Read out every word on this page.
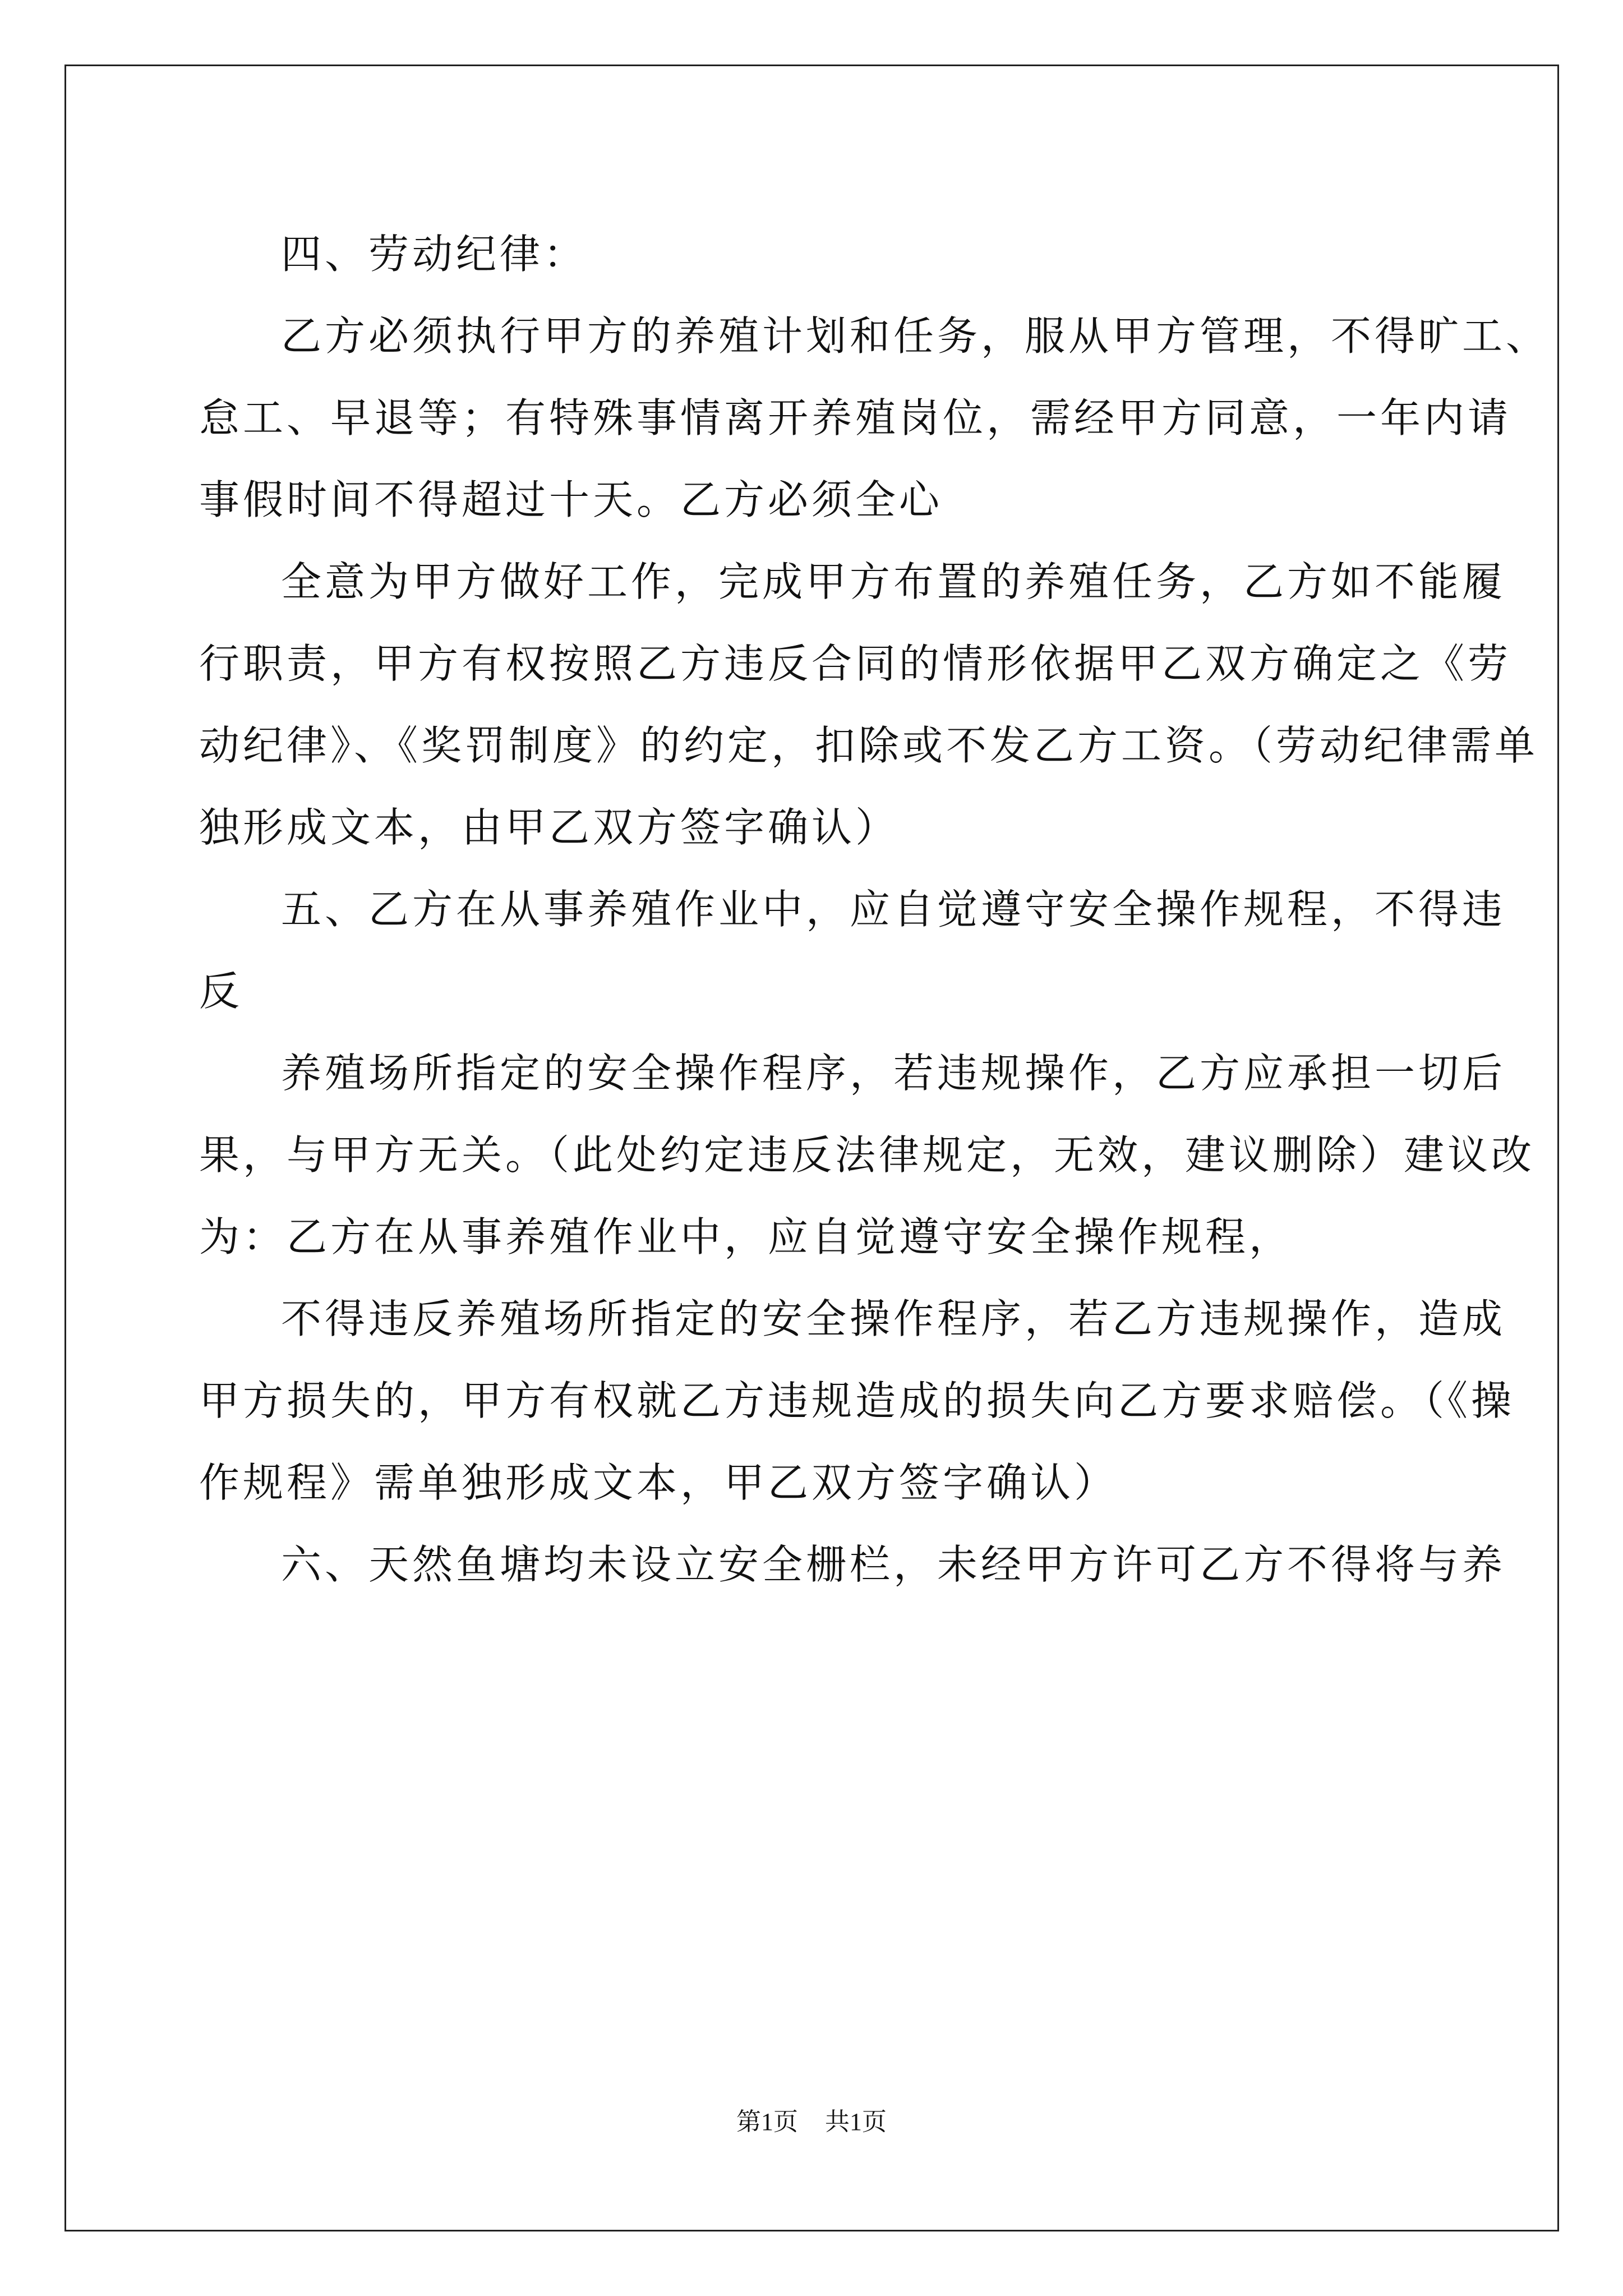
四、劳动纪律：

乙方必须执行甲方的养殖计划和任务，服从甲方管理，不得旷工、

怠工、早退等；有特殊事情离开养殖岗位，需经甲方同意，一年内请

事假时间不得超过十天。乙方必须全心

全意为甲方做好工作，完成甲方布置的养殖任务，乙方如不能履

行职责，甲方有权按照乙方违反合同的情形依据甲乙双方确定之《劳

动纪律》、《奖罚制度》的约定，扣除或不发乙方工资。（劳动纪律需单

独形成文本，由甲乙双方签字确认）

五、乙方在从事养殖作业中，应自觉遵守安全操作规程，不得违

反

养殖场所指定的安全操作程序，若违规操作，乙方应承担一切后

果，与甲方无关。（此处约定违反法律规定，无效，建议删除）建议改

为：乙方在从事养殖作业中，应自觉遵守安全操作规程，

不得违反养殖场所指定的安全操作程序，若乙方违规操作，造成

甲方损失的，甲方有权就乙方违规造成的损失向乙方要求赔偿。（《操

作规程》需单独形成文本，甲乙双方签字确认）

六、天然鱼塘均未设立安全栅栏，未经甲方许可乙方不得将与养

第1页 共1页
